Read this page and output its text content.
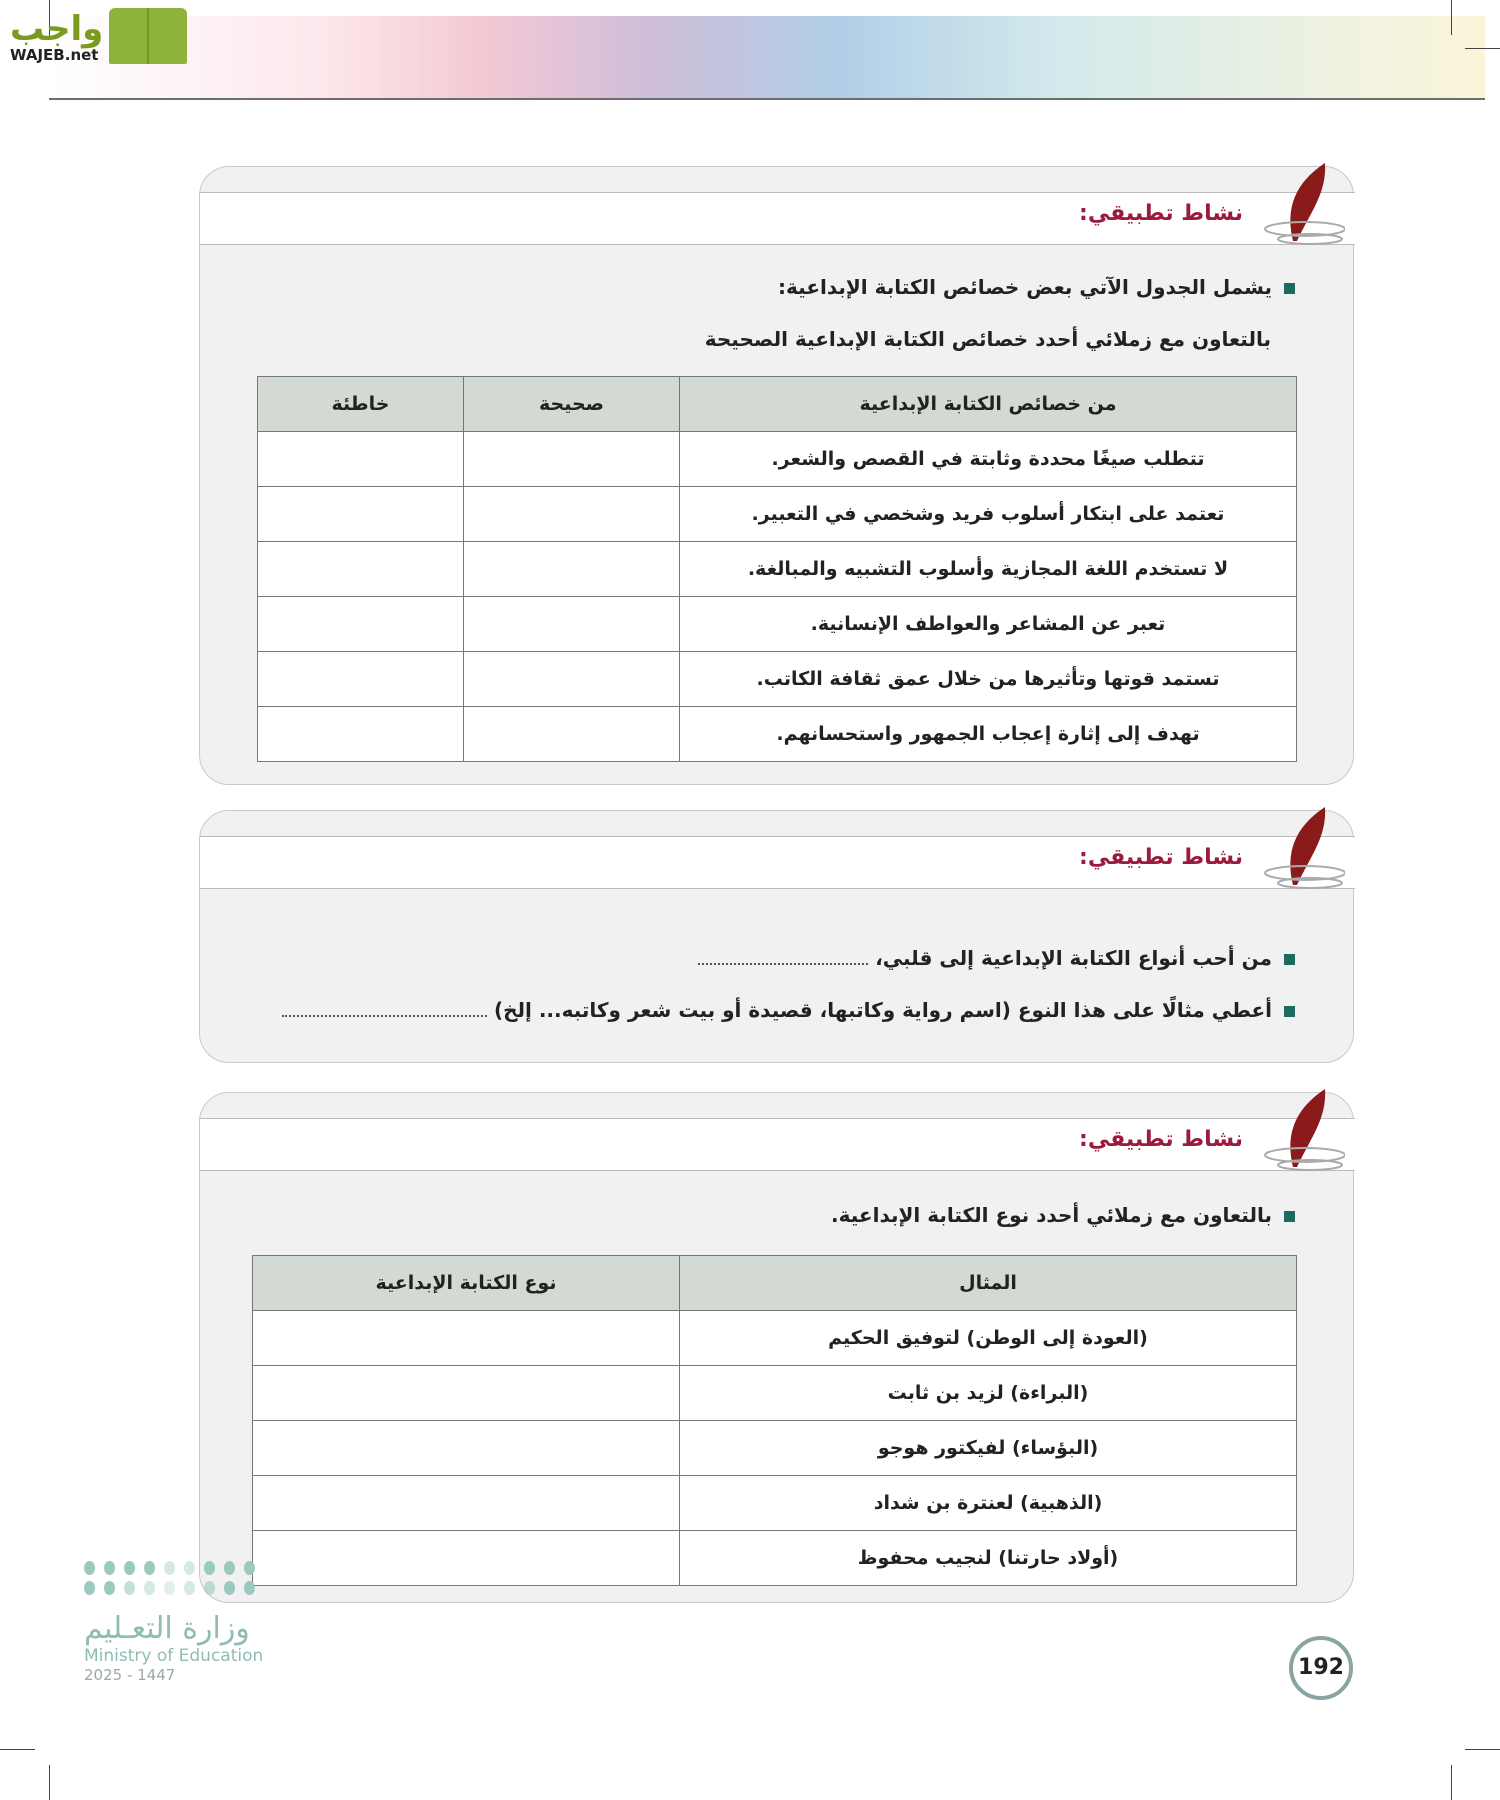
واجب
WAJEB.net
نشاط تطبيقي:
يشمل الجدول الآتي بعض خصائص الكتابة الإبداعية:
بالتعاون مع زملائي أحدد خصائص الكتابة الإبداعية الصحيحة
من خصائص الكتابة الإبداعية	صحيحة	خاطئة
تتطلب صيغًا محددة وثابتة في القصص والشعر.		
تعتمد على ابتكار أسلوب فريد وشخصي في التعبير.		
لا تستخدم اللغة المجازية وأسلوب التشبيه والمبالغة.		
تعبر عن المشاعر والعواطف الإنسانية.		
تستمد قوتها وتأثيرها من خلال عمق ثقافة الكاتب.		
تهدف إلى إثارة إعجاب الجمهور واستحسانهم.		
نشاط تطبيقي:
من أحب أنواع الكتابة الإبداعية إلى قلبي،
أعطي مثالًا على هذا النوع (اسم رواية وكاتبها، قصيدة أو بيت شعر وكاتبه... إلخ)
نشاط تطبيقي:
بالتعاون مع زملائي أحدد نوع الكتابة الإبداعية.
المثال	نوع الكتابة الإبداعية
(العودة إلى الوطن) لتوفيق الحكيم	
(البراءة) لزيد بن ثابت	
(البؤساء) لفيكتور هوجو	
(الذهبية) لعنترة بن شداد	
(أولاد حارتنا) لنجيب محفوظ	
وزارة التعـليم
Ministry of Education
2025 - 1447	192
